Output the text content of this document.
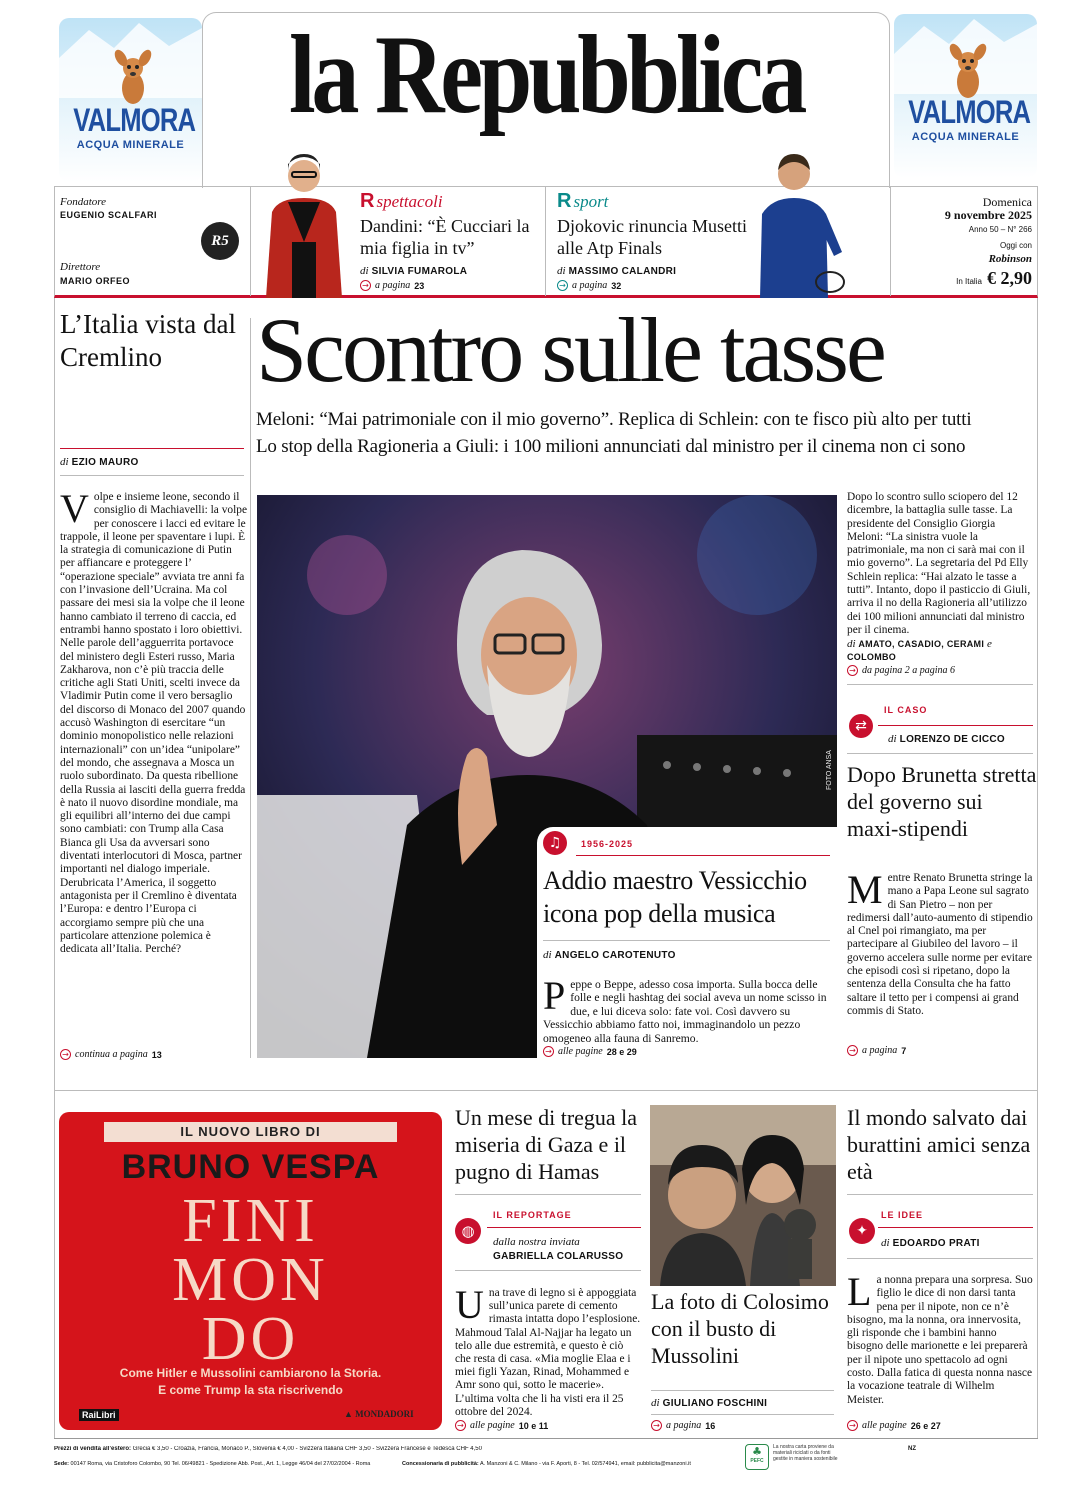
la Repubblica
VALMORA
ACQUA MINERALE
VALMORA
ACQUA MINERALE
Fondatore
EUGENIO SCALFARI
Direttore
MARIO ORFEO
R5
R spettacoli
Dandini: “È Cucciari la mia figlia in tv”
di SILVIA FUMAROLA
→ a pagina 23
R sport
Djokovic rinuncia Musetti alle Atp Finals
di MASSIMO CALANDRI
→ a pagina 32
Domenica
9 novembre 2025
Anno 50 – N° 266
Oggi con
Robinson
In Italia € 2,90
L’Italia vista dal Cremlino
di EZIO MAURO
Volpe e insieme leone, secondo il consiglio di Machiavelli: la volpe per conoscere i lacci ed evitare le trappole, il leone per spaventare i lupi. È la strategia di comunicazione di Putin per affiancare e proteggere l’ “operazione speciale” avviata tre anni fa con l’invasione dell’Ucraina. Ma col passare dei mesi sia la volpe che il leone hanno cambiato il terreno di caccia, ed entrambi hanno spostato i loro obiettivi. Nelle parole dell’agguerrita portavoce del ministero degli Esteri russo, Maria Zakharova, non c’è più traccia delle critiche agli Stati Uniti, scelti invece da Vladimir Putin come il vero bersaglio del discorso di Monaco del 2007 quando accusò Washington di esercitare “un dominio monopolistico nelle relazioni internazionali” con un’idea “unipolare” del mondo, che assegnava a Mosca un ruolo subordinato. Da questa ribellione della Russia ai lasciti della guerra fredda è nato il nuovo disordine mondiale, ma gli equilibri all’interno dei due campi sono cambiati: con Trump alla Casa Bianca gli Usa da avversari sono diventati interlocutori di Mosca, partner importanti nel dialogo imperiale. Derubricata l’America, il soggetto antagonista per il Cremlino è diventata l’Europa: e dentro l’Europa ci accorgiamo sempre più che una particolare attenzione polemica è dedicata all’Italia. Perché?
→ continua a pagina 13
Scontro sulle tasse
Meloni: “Mai patrimoniale con il mio governo”. Replica di Schlein: con te fisco più alto per tutti
Lo stop della Ragioneria a Giuli: i 100 milioni annunciati dal ministro per il cinema non ci sono
FOTO ANSA
♫	1956-2025
Addio maestro Vessicchio icona pop della musica
di ANGELO CAROTENUTO
Peppe o Beppe, adesso cosa importa. Sulla bocca delle folle e negli hashtag dei social aveva un nome scisso in due, e lui diceva solo: fate voi. Così davvero su Vessicchio abbiamo fatto noi, immaginandolo un pezzo omogeneo alla fauna di Sanremo.
→ alle pagine 28 e 29
Dopo lo scontro sullo sciopero del 12 dicembre, la battaglia sulle tasse. La presidente del Consiglio Giorgia Meloni: “La sinistra vuole la patrimoniale, ma non ci sarà mai con il mio governo”. La segretaria del Pd Elly Schlein replica: “Hai alzato le tasse a tutti”. Intanto, dopo il pasticcio di Giuli, arriva il no della Ragioneria all’utilizzo dei 100 milioni annunciati dal ministro per il cinema.
di AMATO, CASADIO, CERAMI e COLOMBO
→ da pagina 2 a pagina 6
⇄
IL CASO
di LORENZO DE CICCO
Dopo Brunetta stretta del governo sui maxi-stipendi
Mentre Renato Brunetta stringe la mano a Papa Leone sul sagrato di San Pietro – non per redimersi dall’auto-aumento di stipendio al Cnel poi rimangiato, ma per partecipare al Giubileo del lavoro – il governo accelera sulle norme per evitare che episodi così si ripetano, dopo la sentenza della Consulta che ha fatto saltare il tetto per i compensi ai grand commis di Stato.
→ a pagina 7
IL NUOVO LIBRO DI
BRUNO VESPA
FINI
MON
DO
Come Hitler e Mussolini cambiarono la Storia.
E come Trump la sta riscrivendo
RaiLibri	▲ MONDADORI
Un mese di tregua la miseria di Gaza e il pugno di Hamas
◍
IL REPORTAGE
dalla nostra inviata
GABRIELLA COLARUSSO
Una trave di legno si è appoggiata sull’unica parete di cemento rimasta intatta dopo l’esplosione. Mahmoud Talal Al-Najjar ha legato un telo alle due estremità, e questo è ciò che resta di casa. «Mia moglie Elaa e i miei figli Yazan, Rinad, Mohammed e Amr sono qui, sotto le macerie». L’ultima volta che li ha visti era il 25 ottobre del 2024.
→ alle pagine 10 e 11
La foto di Colosimo con il busto di Mussolini
di GIULIANO FOSCHINI
→ a pagina 16
Il mondo salvato dai burattini amici senza età
✦
LE IDEE
di EDOARDO PRATI
La nonna prepara una sorpresa. Suo figlio le dice di non darsi tanta pena per il nipote, non ce n’è bisogno, ma la nonna, ora innervosita, gli risponde che i bambini hanno bisogno delle marionette e lei preparerà per il nipote uno spettacolo ad ogni costo. Dalla fatica di questa nonna nasce la vocazione teatrale di Wilhelm Meister.
→ alle pagine 26 e 27
Prezzi di vendita all’estero: Grecia € 3,50 - Croazia, Francia, Monaco P., Slovenia € 4,00 - Svizzera Italiana CHF 3,50 - Svizzera Francese e Tedesca CHF 4,50
Sede: 00147 Roma, via Cristoforo Colombo, 90 Tel. 06/49821 - Spedizione Abb. Post., Art. 1, Legge 46/04 del 27/02/2004 - Roma	Concessionaria di pubblicità: A. Manzoni & C. Milano - via F. Aporti, 8 - Tel. 02/574941, email: pubblicita@manzoni.it
♣
PEFC
La nostra carta proviene da materiali riciclati o da fonti gestite in maniera sostenibile
NZ
